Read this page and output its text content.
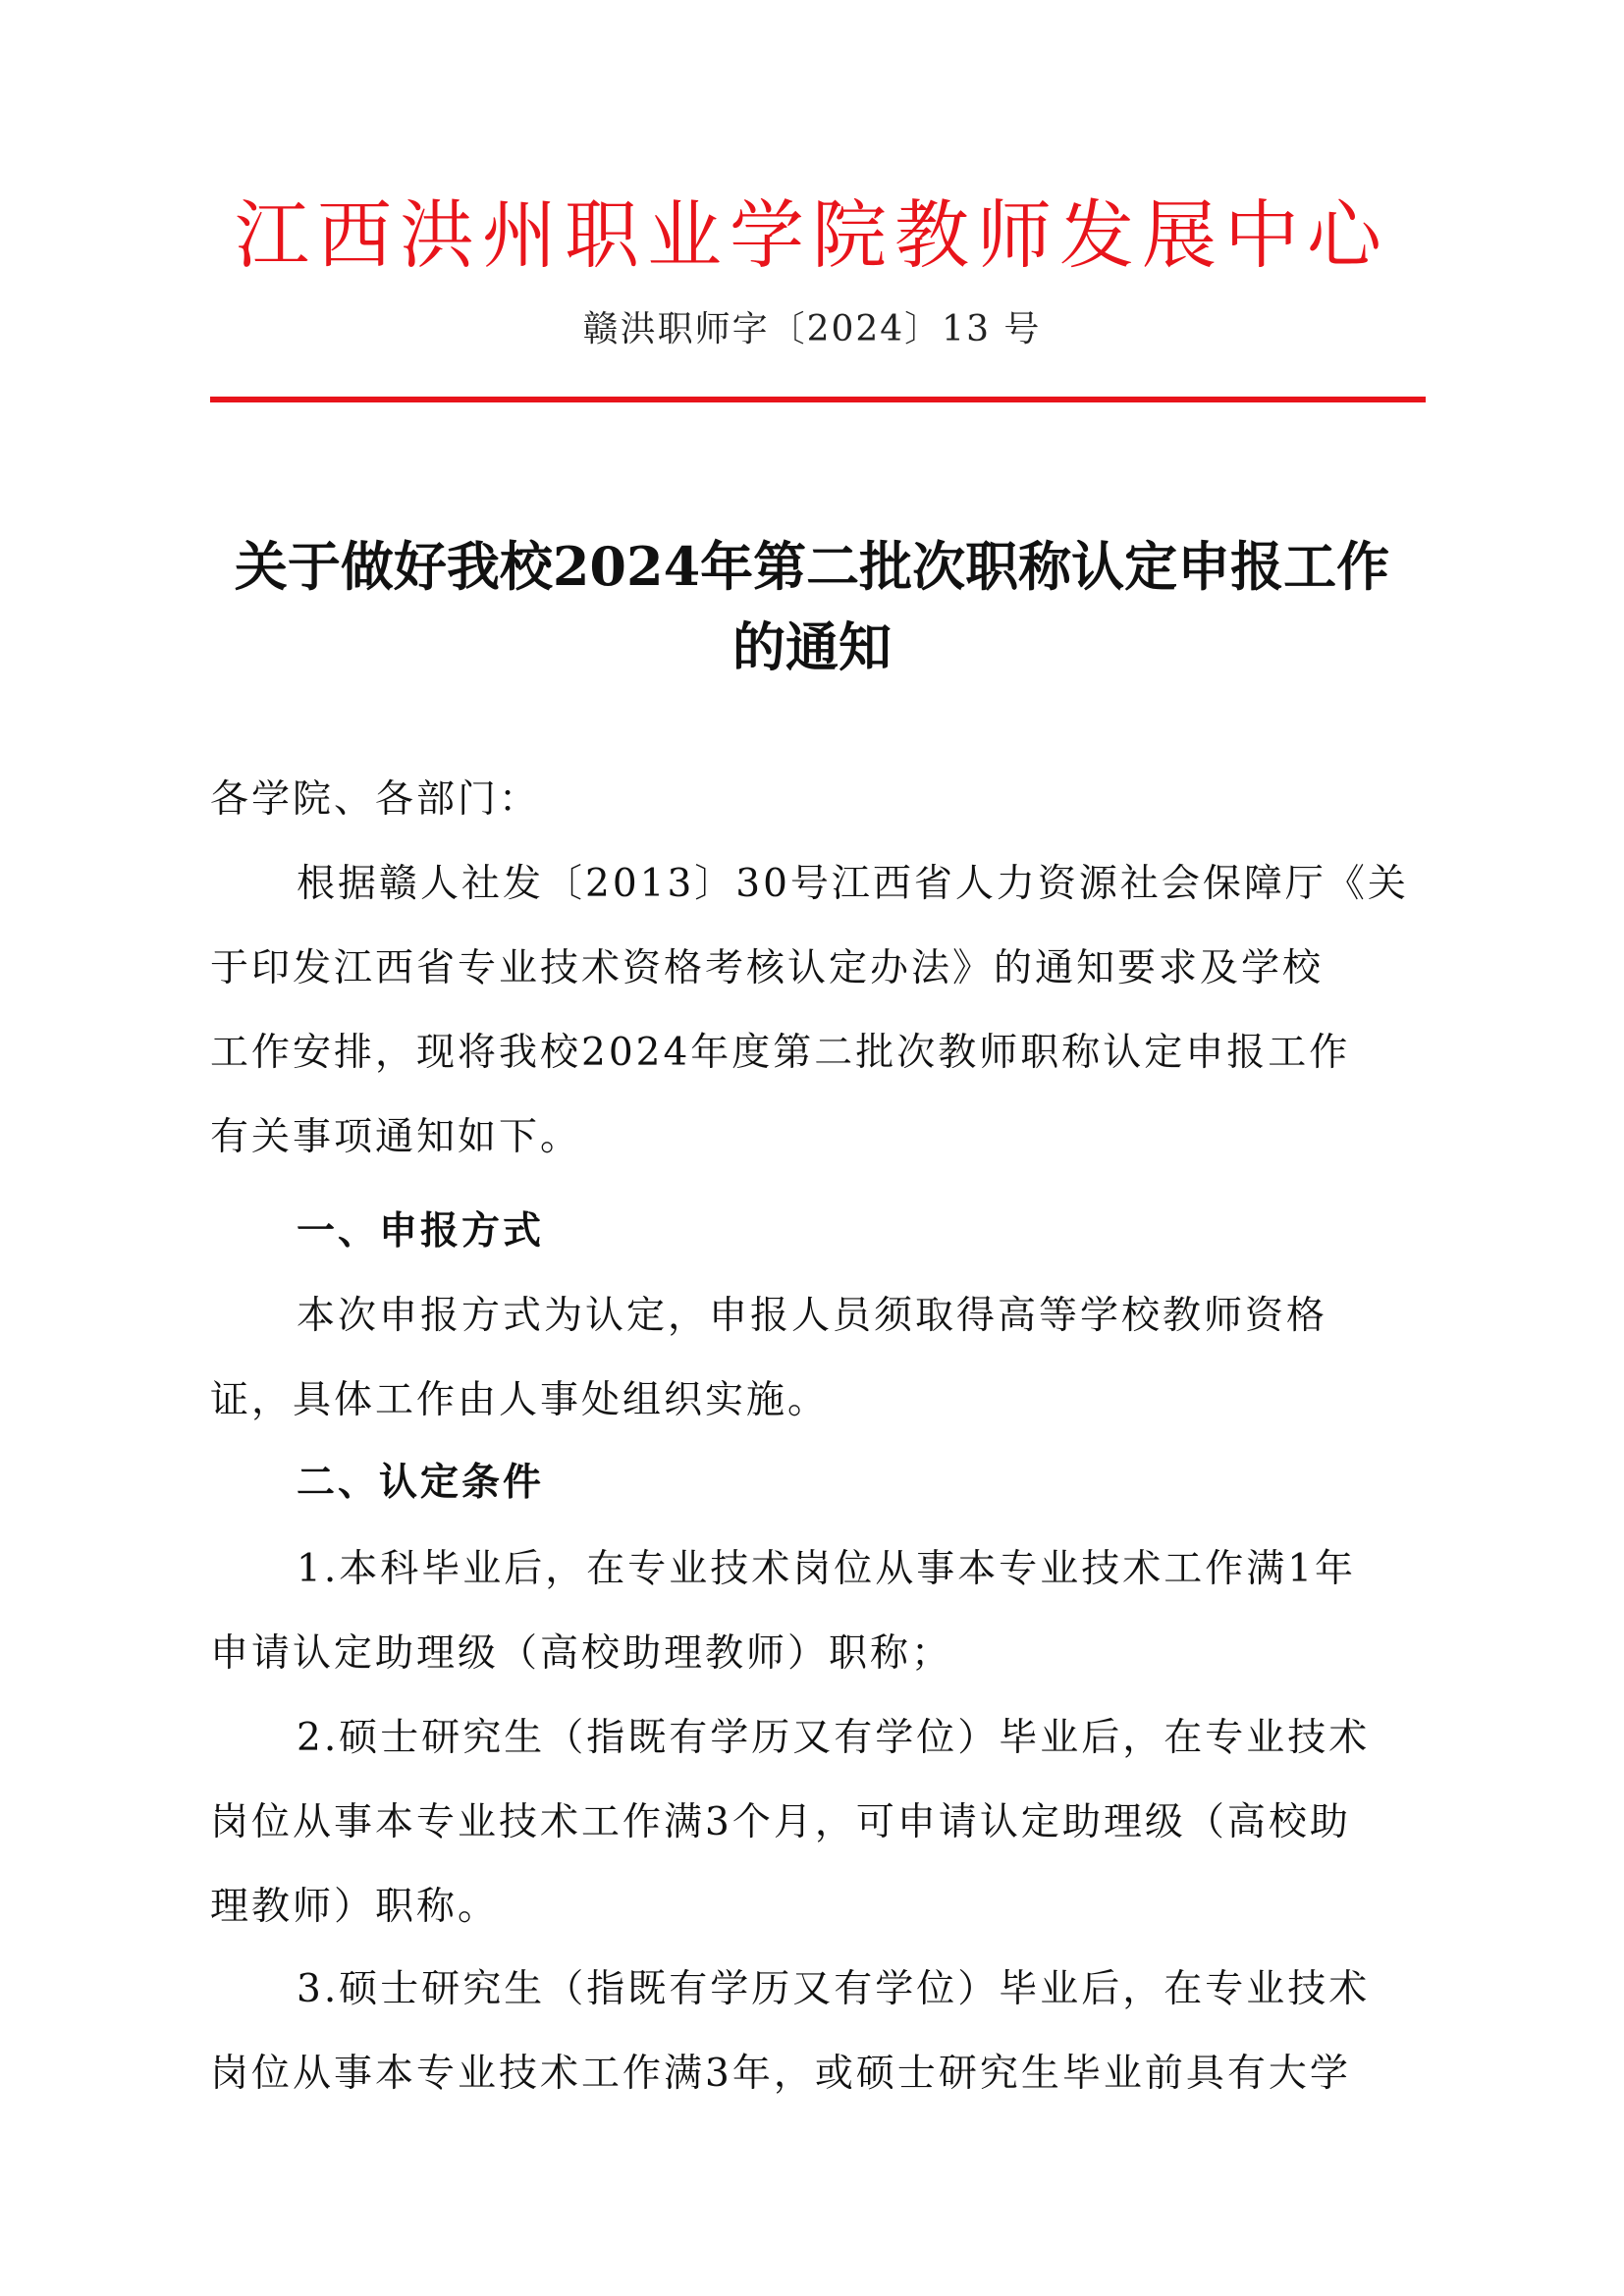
江西洪州职业学院教师发展中心
赣洪职师字〔2024〕13 号
关于做好我校2024年第二批次职称认定申报工作
的通知
各学院、各部门：
根据赣人社发〔2013〕30号江西省人力资源社会保障厅《关
于印发江西省专业技术资格考核认定办法》的通知要求及学校
工作安排，现将我校2024年度第二批次教师职称认定申报工作
有关事项通知如下。
一、申报方式
本次申报方式为认定，申报人员须取得高等学校教师资格
证，具体工作由人事处组织实施。
二、认定条件
1.本科毕业后，在专业技术岗位从事本专业技术工作满1年
申请认定助理级（高校助理教师）职称；
2.硕士研究生（指既有学历又有学位）毕业后，在专业技术
岗位从事本专业技术工作满3个月，可申请认定助理级（高校助
理教师）职称。
3.硕士研究生（指既有学历又有学位）毕业后，在专业技术
岗位从事本专业技术工作满3年，或硕士研究生毕业前具有大学
